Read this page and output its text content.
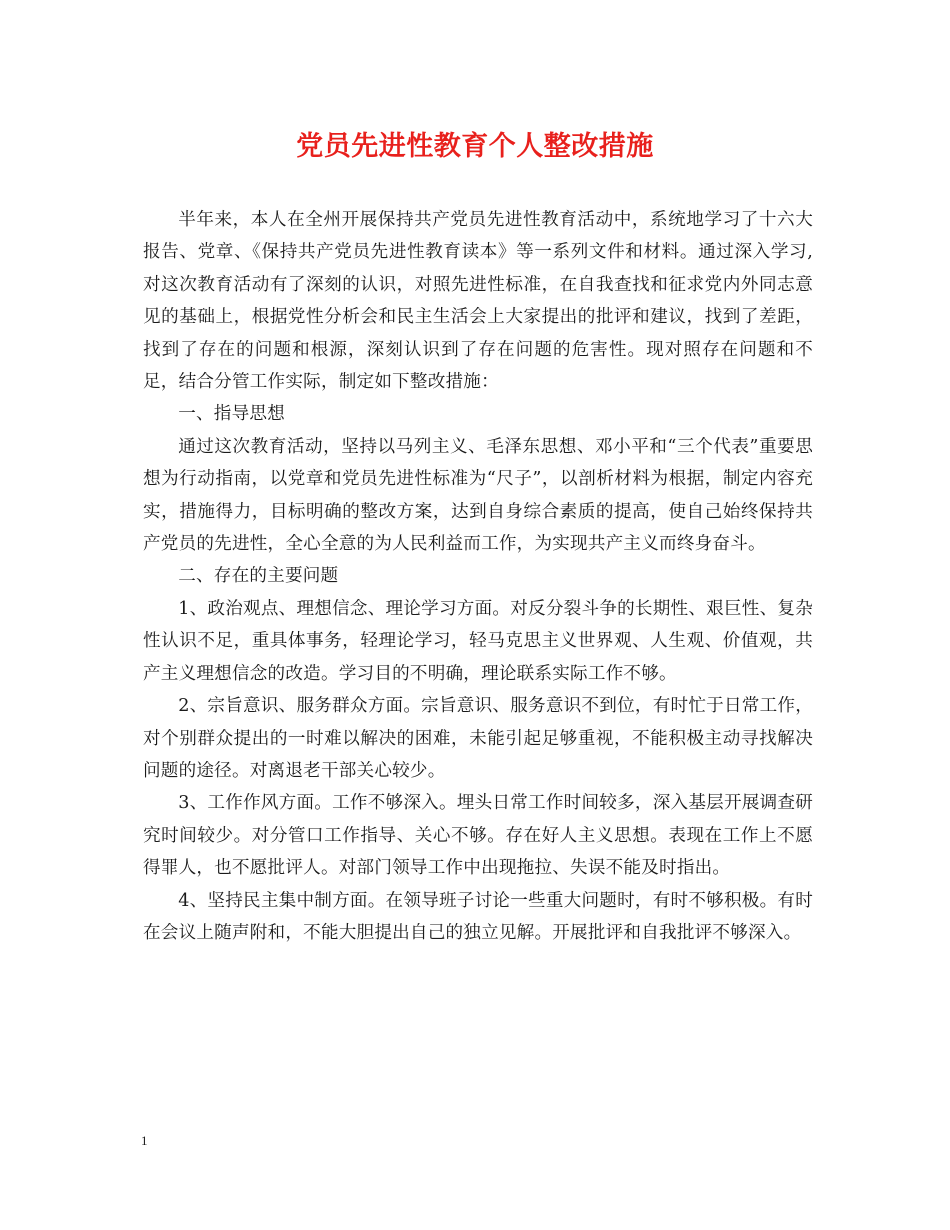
党员先进性教育个人整改措施

半年来，本人在全州开展保持共产党员先进性教育活动中，系统地学习了十六大报告、党章、《保持共产党员先进性教育读本》等一系列文件和材料。通过深入学习,对这次教育活动有了深刻的认识，对照先进性标准，在自我查找和征求党内外同志意见的基础上，根据党性分析会和民主生活会上大家提出的批评和建议，找到了差距，找到了存在的问题和根源，深刻认识到了存在问题的危害性。现对照存在问题和不足，结合分管工作实际，制定如下整改措施：

一、指导思想

通过这次教育活动，坚持以马列主义、毛泽东思想、邓小平和“三个代表”重要思想为行动指南，以党章和党员先进性标准为“尺子”，以剖析材料为根据，制定内容充实，措施得力，目标明确的整改方案，达到自身综合素质的提高，使自己始终保持共产党员的先进性，全心全意的为人民利益而工作，为实现共产主义而终身奋斗。

二、存在的主要问题

1、政治观点、理想信念、理论学习方面。对反分裂斗争的长期性、艰巨性、复杂性认识不足，重具体事务，轻理论学习，轻马克思主义世界观、人生观、价值观，共产主义理想信念的改造。学习目的不明确，理论联系实际工作不够。

2、宗旨意识、服务群众方面。宗旨意识、服务意识不到位，有时忙于日常工作，对个别群众提出的一时难以解决的困难，未能引起足够重视，不能积极主动寻找解决问题的途径。对离退老干部关心较少。

3、工作作风方面。工作不够深入。埋头日常工作时间较多，深入基层开展调查研究时间较少。对分管口工作指导、关心不够。存在好人主义思想。表现在工作上不愿得罪人，也不愿批评人。对部门领导工作中出现拖拉、失误不能及时指出。

4、坚持民主集中制方面。在领导班子讨论一些重大问题时，有时不够积极。有时在会议上随声附和，不能大胆提出自己的独立见解。开展批评和自我批评不够深入。

1
